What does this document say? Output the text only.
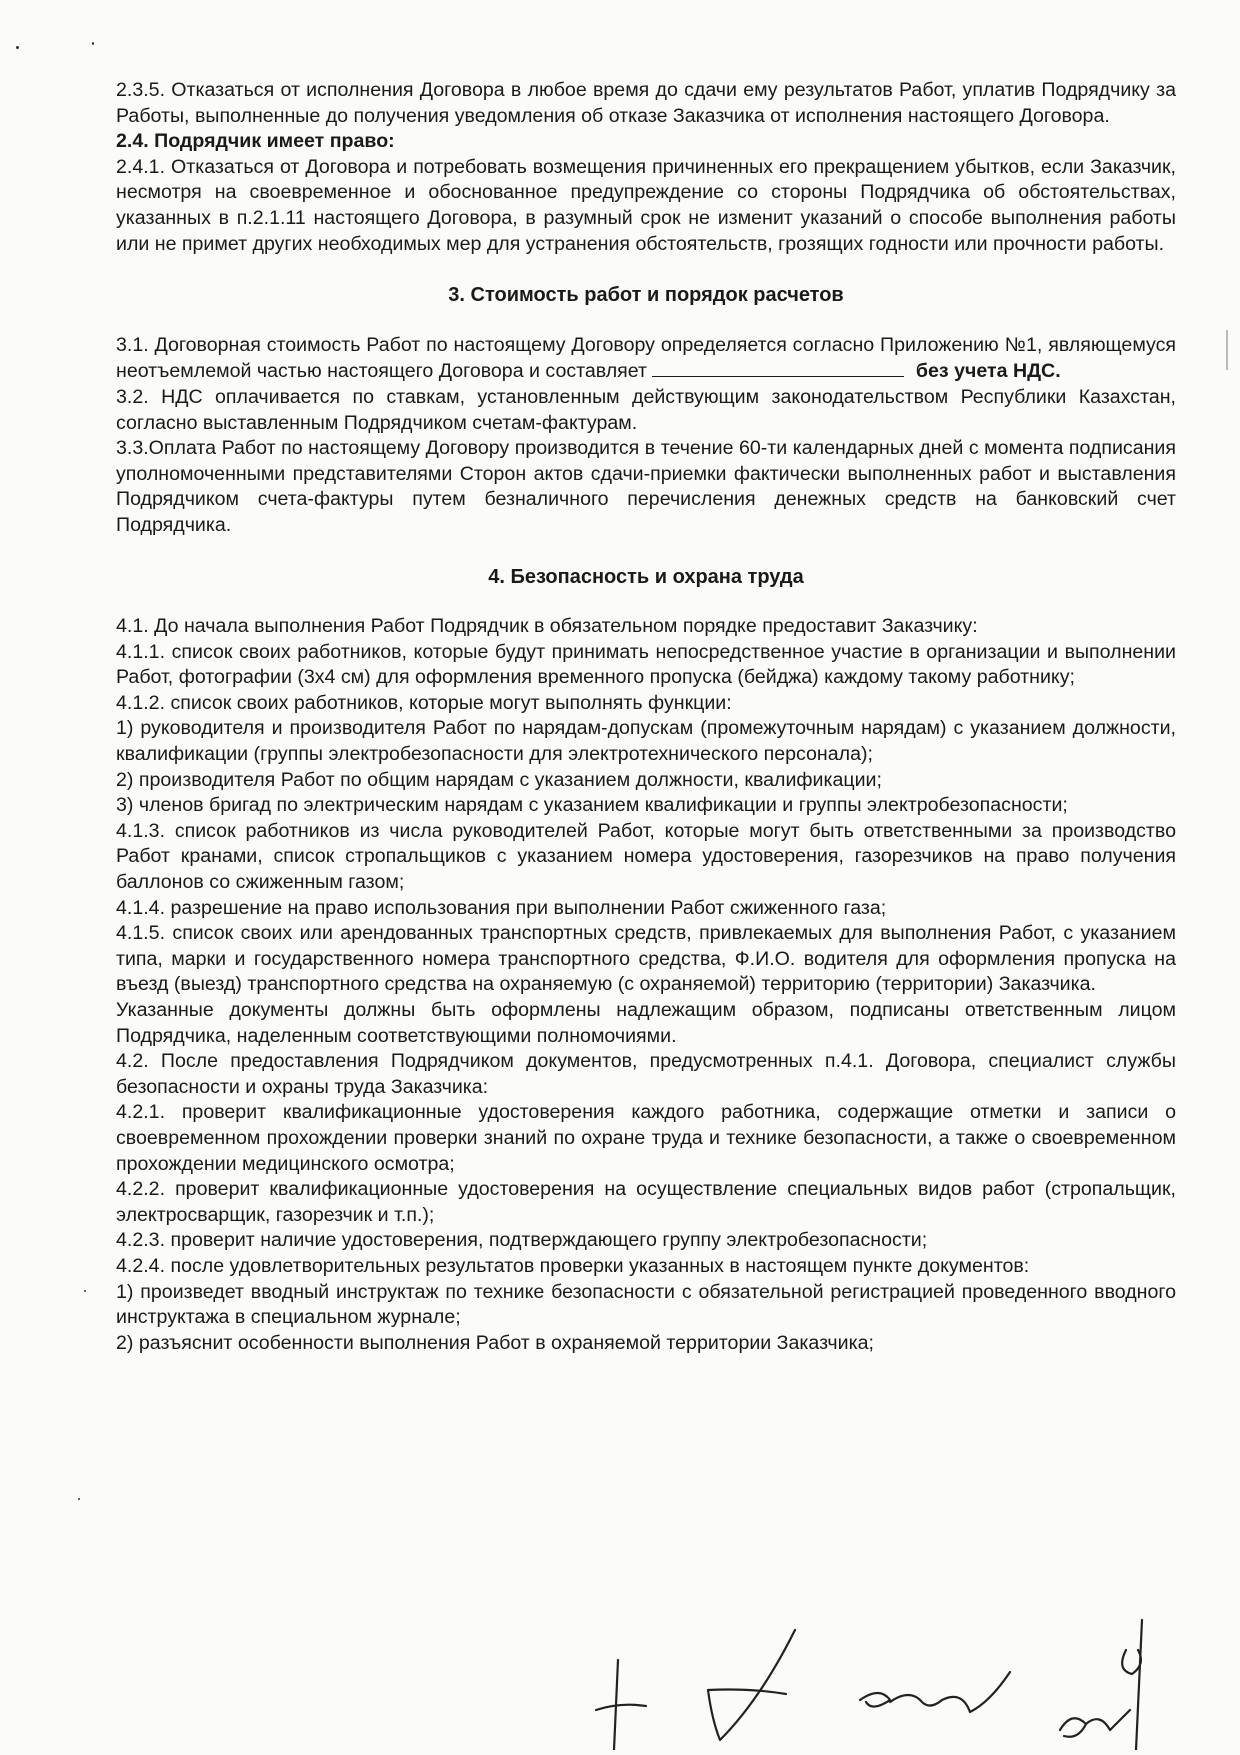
2.3.5. Отказаться от исполнения Договора в любое время до сдачи ему результатов Работ, уплатив Подрядчику за Работы, выполненные до получения уведомления об отказе Заказчика от исполнения настоящего Договора.

2.4. Подрядчик имеет право:

2.4.1. Отказаться от Договора и потребовать возмещения причиненных его прекращением убытков, если Заказчик, несмотря на своевременное и обоснованное предупреждение со стороны Подрядчика об обстоятельствах, указанных в п.2.1.11 настоящего Договора, в разумный срок не изменит указаний о способе выполнения работы или не примет других необходимых мер для устранения обстоятельств, грозящих годности или прочности работы.

3. Стоимость работ и порядок расчетов

3.1. Договорная стоимость Работ по настоящему Договору определяется согласно Приложению №1, являющемуся неотъемлемой частью настоящего Договора и составляет	без учета НДС.

3.2. НДС оплачивается по ставкам, установленным действующим законодательством Республики Казахстан, согласно выставленным Подрядчиком счетам-фактурам.

3.3.Оплата Работ по настоящему Договору производится в течение 60-ти календарных дней с момента подписания уполномоченными представителями Сторон актов сдачи-приемки фактически выполненных работ и выставления Подрядчиком счета-фактуры путем безналичного перечисления денежных средств на банковский счет Подрядчика.

4. Безопасность и охрана труда

4.1. До начала выполнения Работ Подрядчик в обязательном порядке предоставит Заказчику:

4.1.1. список своих работников, которые будут принимать непосредственное участие в организации и выполнении Работ, фотографии (3х4 см) для оформления временного пропуска (бейджа) каждому такому работнику;

4.1.2. список своих работников, которые могут выполнять функции:

1) руководителя и производителя Работ по нарядам-допускам (промежуточным нарядам) с указанием должности, квалификации (группы электробезопасности для электротехнического персонала);

2) производителя Работ по общим нарядам с указанием должности, квалификации;

3) членов бригад по электрическим нарядам с указанием квалификации и группы электробезопасности;

4.1.3. список работников из числа руководителей Работ, которые могут быть ответственными за производство Работ кранами, список стропальщиков с указанием номера удостоверения, газорезчиков на право получения баллонов со сжиженным газом;

4.1.4. разрешение на право использования при выполнении Работ сжиженного газа;

4.1.5. список своих или арендованных транспортных средств, привлекаемых для выполнения Работ, с указанием типа, марки и государственного номера транспортного средства, Ф.И.О. водителя для оформления пропуска на въезд (выезд) транспортного средства на охраняемую (с охраняемой) территорию (территории) Заказчика.

Указанные документы должны быть оформлены надлежащим образом, подписаны ответственным лицом Подрядчика, наделенным соответствующими полномочиями.

4.2. После предоставления Подрядчиком документов, предусмотренных п.4.1. Договора, специалист службы безопасности и охраны труда Заказчика:

4.2.1. проверит квалификационные удостоверения каждого работника, содержащие отметки и записи о своевременном прохождении проверки знаний по охране труда и технике безопасности, а также о своевременном прохождении медицинского осмотра;

4.2.2. проверит квалификационные удостоверения на осуществление специальных видов работ (стропальщик, электросварщик, газорезчик и т.п.);

4.2.3. проверит наличие удостоверения, подтверждающего группу электробезопасности;

4.2.4. после удовлетворительных результатов проверки указанных в настоящем пункте документов:

1) произведет вводный инструктаж по технике безопасности с обязательной регистрацией проведенного вводного инструктажа в специальном журнале;

2) разъяснит особенности выполнения Работ в охраняемой территории Заказчика;
